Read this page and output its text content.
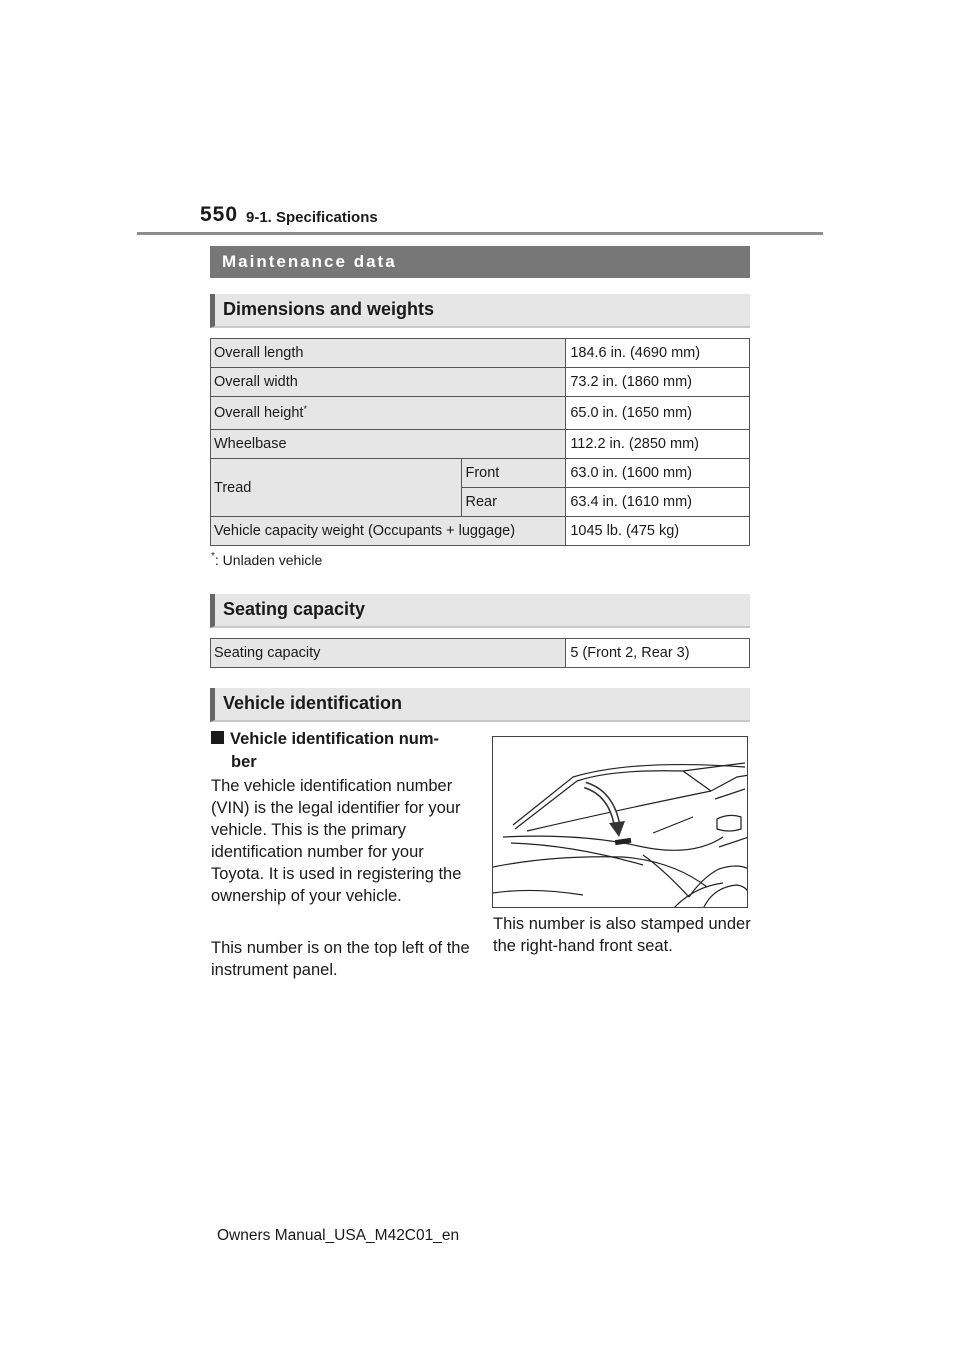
550 9-1. Specifications
Maintenance data
Dimensions and weights
Overall length		184.6 in. (4690 mm)
Overall width		73.2 in. (1860 mm)
Overall height*		65.0 in. (1650 mm)
Wheelbase		112.2 in. (2850 mm)
Tread	Front	63.0 in. (1600 mm)
	Rear	63.4 in. (1610 mm)
Vehicle capacity weight (Occupants + luggage)		1045 lb. (475 kg)
*: Unladen vehicle
Seating capacity
Seating capacity	5 (Front 2, Rear 3)
Vehicle identification
Vehicle identification num-
ber
The vehicle identification number (VIN) is the legal identifier for your vehicle. This is the primary identification number for your Toyota. It is used in registering the ownership of your vehicle.
This number is on the top left of the instrument panel.
This number is also stamped under the right-hand front seat.
Owners Manual_USA_M42C01_en
